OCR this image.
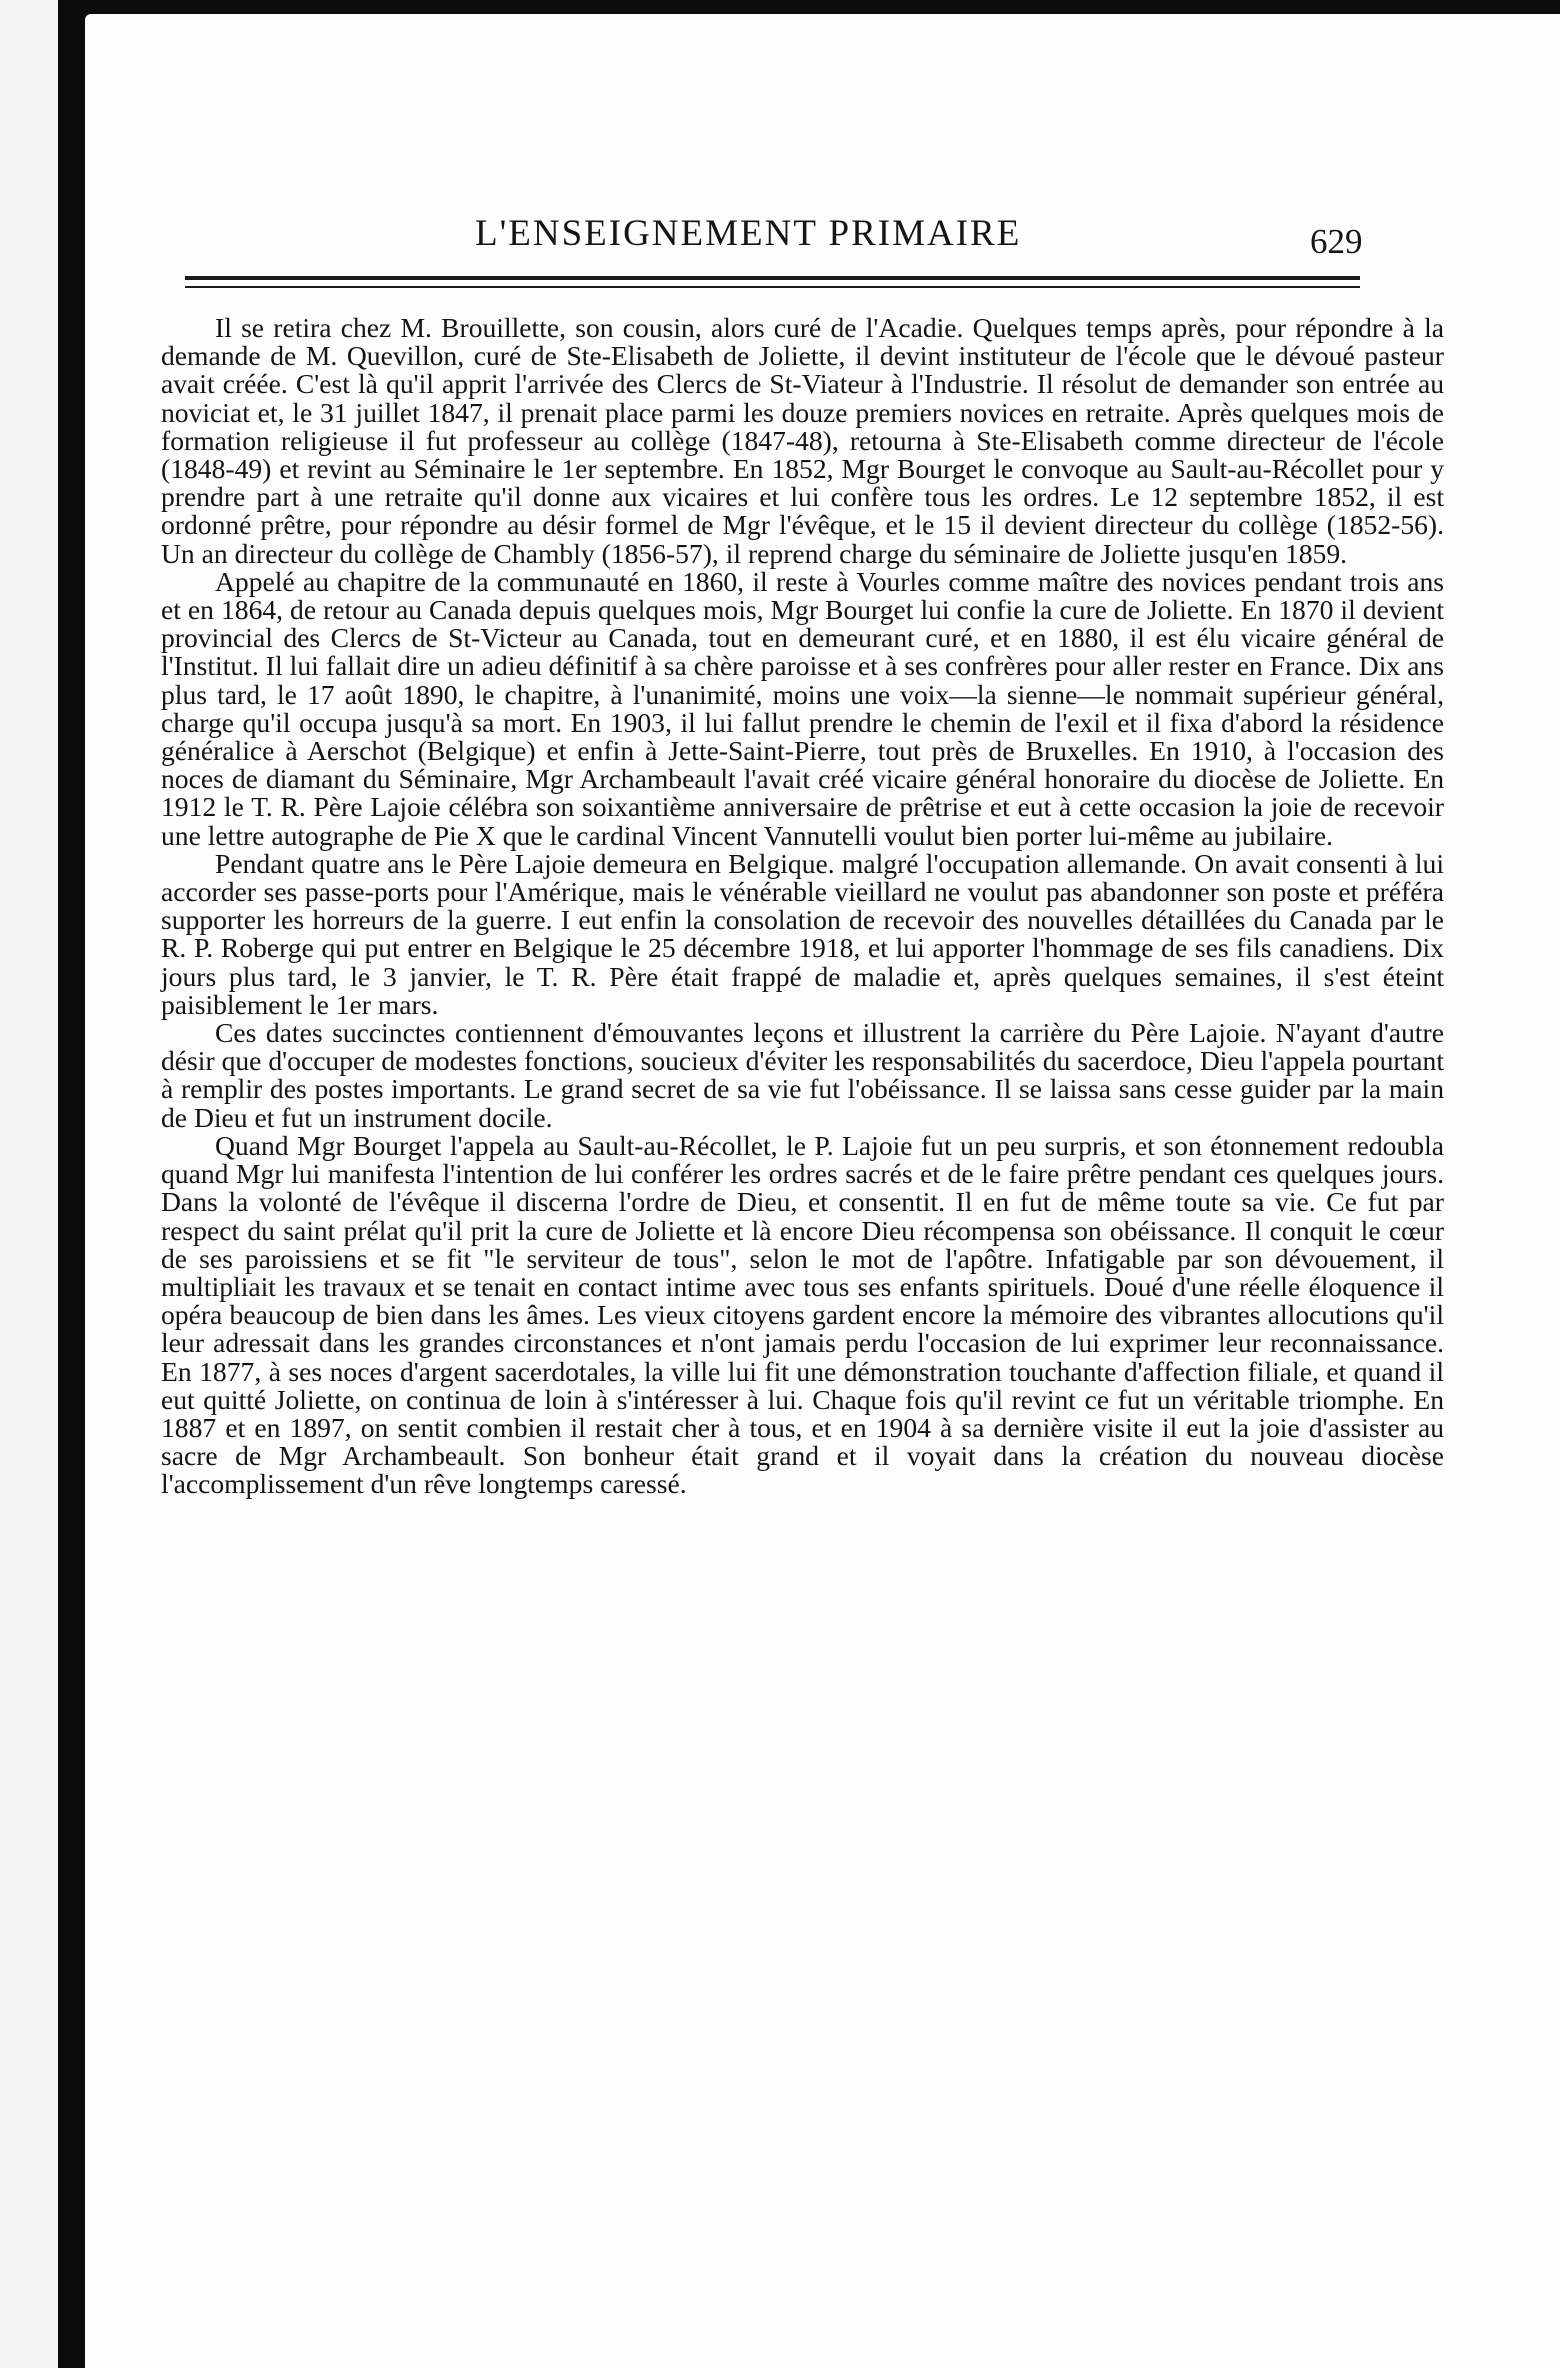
L'ENSEIGNEMENT PRIMAIRE	629

Il se retira chez M. Brouillette, son cousin, alors curé de l'Acadie. Quelques temps après, pour répondre à la demande de M. Quevillon, curé de Ste-Elisabeth de Joliette, il devint instituteur de l'école que le dévoué pasteur avait créée. C'est là qu'il apprit l'arrivée des Clercs de St-Viateur à l'Industrie. Il résolut de demander son entrée au noviciat et, le 31 juillet 1847, il prenait place parmi les douze premiers novices en retraite. Après quelques mois de formation religieuse il fut professeur au collège (1847-48), retourna à Ste-Elisabeth comme directeur de l'école (1848-49) et revint au Séminaire le 1er septembre. En 1852, Mgr Bourget le convoque au Sault-au-Récollet pour y prendre part à une retraite qu'il donne aux vicaires et lui confère tous les ordres. Le 12 septembre 1852, il est ordonné prêtre, pour répondre au désir formel de Mgr l'évêque, et le 15 il devient directeur du collège (1852-56). Un an directeur du collège de Chambly (1856-57), il reprend charge du séminaire de Joliette jusqu'en 1859.

Appelé au chapitre de la communauté en 1860, il reste à Vourles comme maître des novices pendant trois ans et en 1864, de retour au Canada depuis quelques mois, Mgr Bourget lui confie la cure de Joliette. En 1870 il devient provincial des Clercs de St-Victeur au Canada, tout en demeurant curé, et en 1880, il est élu vicaire général de l'Institut. Il lui fallait dire un adieu définitif à sa chère paroisse et à ses confrères pour aller rester en France. Dix ans plus tard, le 17 août 1890, le chapitre, à l'unanimité, moins une voix—la sienne—le nommait supérieur général, charge qu'il occupa jusqu'à sa mort. En 1903, il lui fallut prendre le chemin de l'exil et il fixa d'abord la résidence généralice à Aerschot (Belgique) et enfin à Jette-Saint-Pierre, tout près de Bruxelles. En 1910, à l'occasion des noces de diamant du Séminaire, Mgr Archambeault l'avait créé vicaire général honoraire du diocèse de Joliette. En 1912 le T. R. Père Lajoie célébra son soixantième anniversaire de prêtrise et eut à cette occasion la joie de recevoir une lettre autographe de Pie X que le cardinal Vincent Vannutelli voulut bien porter lui-même au jubilaire.

Pendant quatre ans le Père Lajoie demeura en Belgique. malgré l'occupation allemande. On avait consenti à lui accorder ses passe-ports pour l'Amérique, mais le vénérable vieillard ne voulut pas abandonner son poste et préféra supporter les horreurs de la guerre. I eut enfin la consolation de recevoir des nouvelles détaillées du Canada par le R. P. Roberge qui put entrer en Belgique le 25 décembre 1918, et lui apporter l'hommage de ses fils canadiens. Dix jours plus tard, le 3 janvier, le T. R. Père était frappé de maladie et, après quelques semaines, il s'est éteint paisiblement le 1er mars.

Ces dates succinctes contiennent d'émouvantes leçons et illustrent la carrière du Père Lajoie. N'ayant d'autre désir que d'occuper de modestes fonctions, soucieux d'éviter les responsabilités du sacerdoce, Dieu l'appela pourtant à remplir des postes importants. Le grand secret de sa vie fut l'obéissance. Il se laissa sans cesse guider par la main de Dieu et fut un instrument docile.

Quand Mgr Bourget l'appela au Sault-au-Récollet, le P. Lajoie fut un peu surpris, et son étonnement redoubla quand Mgr lui manifesta l'intention de lui conférer les ordres sacrés et de le faire prêtre pendant ces quelques jours. Dans la volonté de l'évêque il discerna l'ordre de Dieu, et consentit. Il en fut de même toute sa vie. Ce fut par respect du saint prélat qu'il prit la cure de Joliette et là encore Dieu récompensa son obéissance. Il conquit le cœur de ses paroissiens et se fit "le serviteur de tous", selon le mot de l'apôtre. Infatigable par son dévouement, il multipliait les travaux et se tenait en contact intime avec tous ses enfants spirituels. Doué d'une réelle éloquence il opéra beaucoup de bien dans les âmes. Les vieux citoyens gardent encore la mémoire des vibrantes allocutions qu'il leur adressait dans les grandes circonstances et n'ont jamais perdu l'occasion de lui exprimer leur reconnaissance. En 1877, à ses noces d'argent sacerdotales, la ville lui fit une démonstration touchante d'affection filiale, et quand il eut quitté Joliette, on continua de loin à s'intéresser à lui. Chaque fois qu'il revint ce fut un véritable triomphe. En 1887 et en 1897, on sentit combien il restait cher à tous, et en 1904 à sa dernière visite il eut la joie d'assister au sacre de Mgr Archambeault. Son bonheur était grand et il voyait dans la création du nouveau diocèse l'accomplissement d'un rêve longtemps caressé.
